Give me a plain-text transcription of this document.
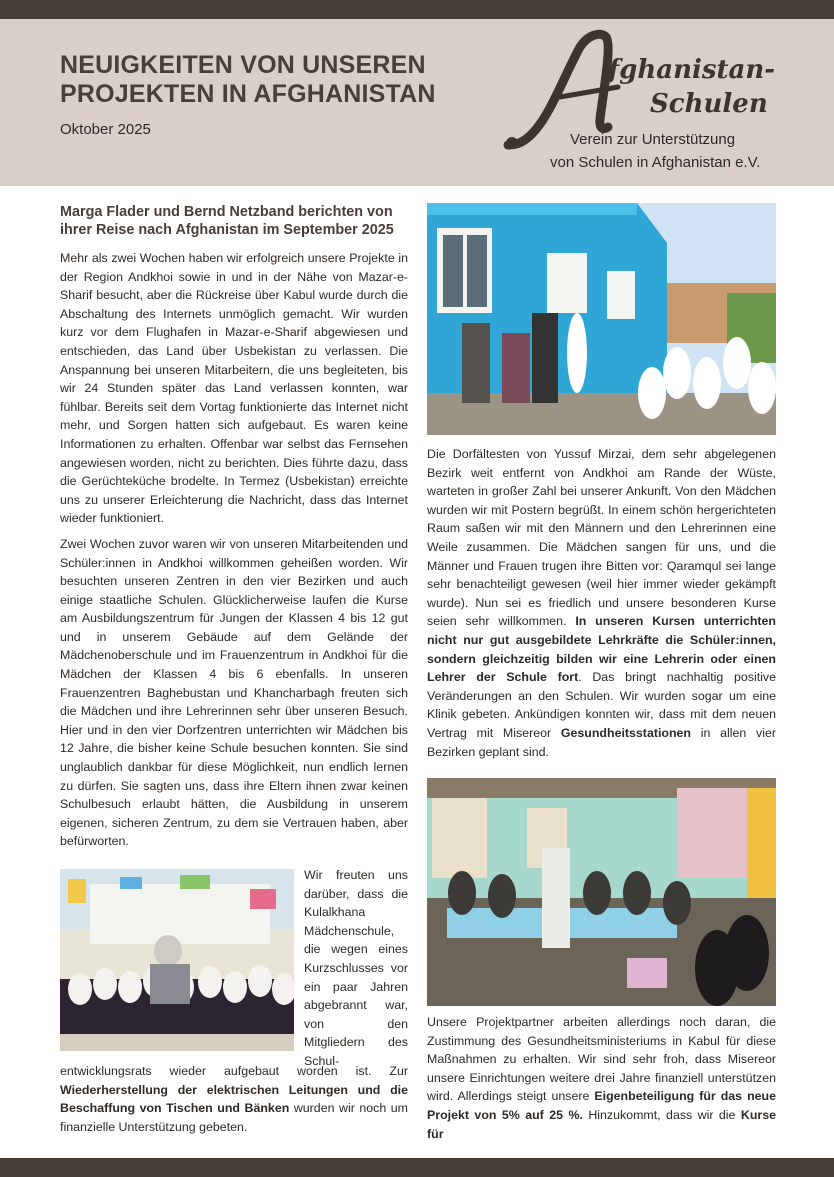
NEUIGKEITEN VON UNSEREN
PROJEKTEN IN AFGHANISTAN
Oktober 2025
fghanistan-
Schulen
Verein zur Unterstützung
von Schulen in Afghanistan e.V.
Marga Flader und Bernd Netzband berichten von ihrer Reise nach Afghanistan im September 2025

Mehr als zwei Wochen haben wir erfolgreich unsere Projekte in der Region Andkhoi sowie in und in der Nähe von Mazar-e-Sharif besucht, aber die Rückreise über Kabul wurde durch die Abschaltung des Internets unmöglich gemacht. Wir wurden kurz vor dem Flughafen in Mazar-e-Sharif abgewiesen und entschieden, das Land über Usbekistan zu verlassen. Die Anspannung bei unseren Mitarbeitern, die uns begleiteten, bis wir 24 Stunden später das Land verlassen konnten, war fühlbar. Bereits seit dem Vortag funktionierte das Internet nicht mehr, und Sorgen hatten sich aufgebaut. Es waren keine Informationen zu erhalten. Offenbar war selbst das Fernsehen angewiesen worden, nicht zu berichten. Dies führte dazu, dass die Gerüchteküche brodelte. In Termez (Usbekistan) erreichte uns zu unserer Erleichterung die Nachricht, dass das Internet wieder funktioniert.

Zwei Wochen zuvor waren wir von unseren Mitarbeitenden und Schüler:innen in Andkhoi willkommen geheißen worden. Wir besuchten unseren Zentren in den vier Bezirken und auch einige staatliche Schulen. Glücklicherweise laufen die Kurse am Ausbildungszentrum für Jungen der Klassen 4 bis 12 gut und in unserem Gebäude auf dem Gelände der Mädchenoberschule und im Frauenzentrum in Andkhoi für die Mädchen der Klassen 4 bis 6 ebenfalls. In unseren Frauenzentren Baghebustan und Khancharbagh freuten sich die Mädchen und ihre Lehrerinnen sehr über unseren Besuch. Hier und in den vier Dorfzentren unterrichten wir Mädchen bis 12 Jahre, die bisher keine Schule besuchen konnten. Sie sind unglaublich dankbar für diese Möglichkeit, nun endlich lernen zu dürfen. Sie sagten uns, dass ihre Eltern ihnen zwar keinen Schulbesuch erlaubt hätten, die Ausbildung in unserem eigenen, sicheren Zentrum, zu dem sie Vertrauen haben, aber befürworten.

Wir freuten uns darüber, dass die Kulalkhana Mädchenschule, die wegen eines Kurzschlusses vor ein paar Jahren abgebrannt war, von den Mitgliedern des Schul-
entwicklungsrats wieder aufgebaut worden ist. Zur Wiederherstellung der elektrischen Leitungen und die Beschaffung von Tischen und Bänken wurden wir noch um finanzielle Unterstützung gebeten.

Die Dorfältesten von Yussuf Mirzai, dem sehr abgelegenen Bezirk weit entfernt von Andkhoi am Rande der Wüste, warteten in großer Zahl bei unserer Ankunft. Von den Mädchen wurden wir mit Postern begrüßt. In einem schön hergerichteten Raum saßen wir mit den Männern und den Lehrerinnen eine Weile zusammen. Die Mädchen sangen für uns, und die Männer und Frauen trugen ihre Bitten vor: Qaramqul sei lange sehr benachteiligt gewesen (weil hier immer wieder gekämpft wurde). Nun sei es friedlich und unsere besonderen Kurse seien sehr willkommen. In unseren Kursen unterrichten nicht nur gut ausgebildete Lehrkräfte die Schüler:innen, sondern gleichzeitig bilden wir eine Lehrerin oder einen Lehrer der Schule fort. Das bringt nachhaltig positive Veränderungen an den Schulen. Wir wurden sogar um eine Klinik gebeten. Ankündigen konnten wir, dass mit dem neuen Vertrag mit Misereor Gesundheitsstationen in allen vier Bezirken geplant sind.

Unsere Projektpartner arbeiten allerdings noch daran, die Zustimmung des Gesundheitsministeriums in Kabul für diese Maßnahmen zu erhalten. Wir sind sehr froh, dass Misereor unsere Einrichtungen weitere drei Jahre finanziell unterstützen wird. Allerdings steigt unsere Eigenbeteiligung für das neue Projekt von 5% auf 25 %. Hinzukommt, dass wir die Kurse für
